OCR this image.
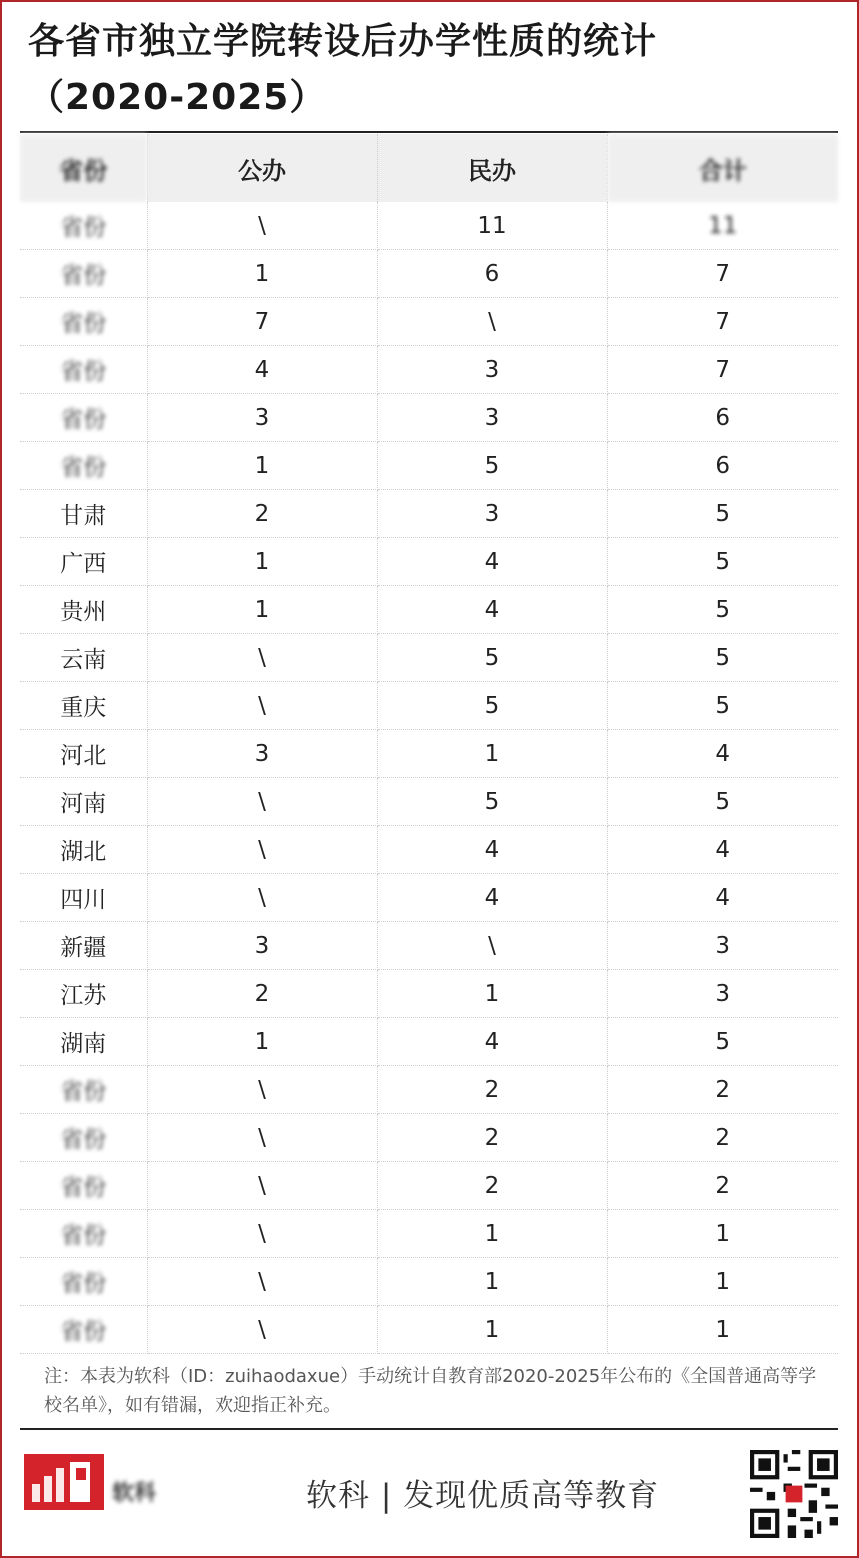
各省市独立学院转设后办学性质的统计
（2020-2025）
省份	公办	民办	合计
省份	\	11	11
省份	1	6	7
省份	7	\	7
省份	4	3	7
省份	3	3	6
省份	1	5	6
甘肃	2	3	5
广西	1	4	5
贵州	1	4	5
云南	\	5	5
重庆	\	5	5
河北	3	1	4
河南	\	5	5
湖北	\	4	4
四川	\	4	4
新疆	3	\	3
江苏	2	1	3
湖南	1	4	5
省份	\	2	2
省份	\	2	2
省份	\	2	2
省份	\	1	1
省份	\	1	1
省份	\	1	1
注：本表为软科（ID：zuihaodaxue）手动统计自教育部2020-2025年公布的《全国普通高等学校名单》，如有错漏，欢迎指正补充。
软科	软科 | 发现优质高等教育
